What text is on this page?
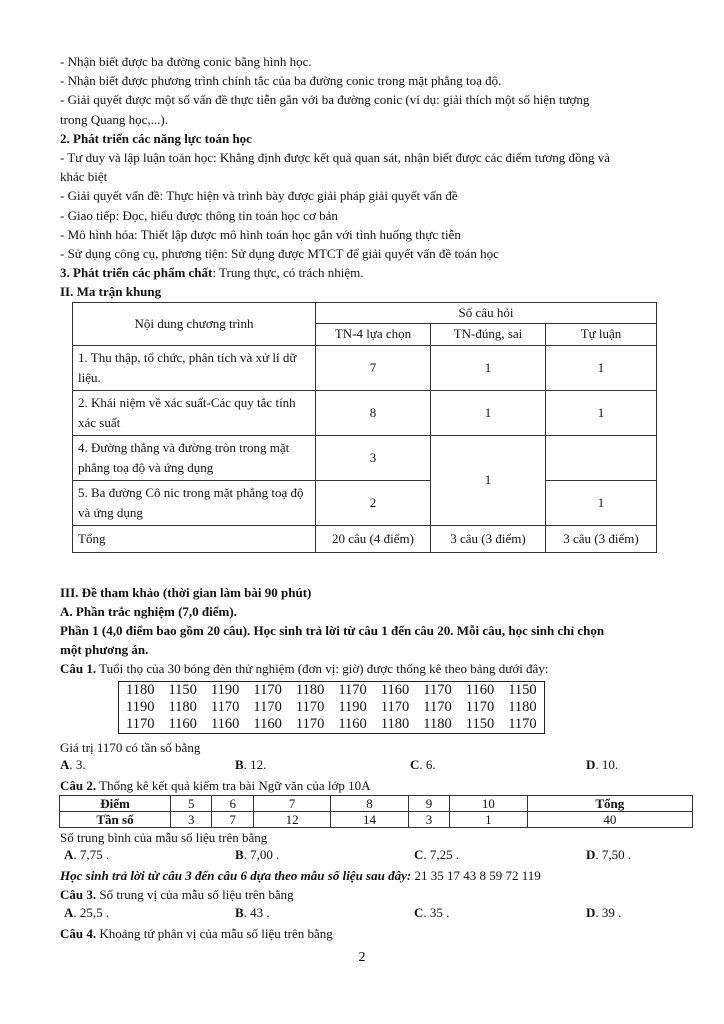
- Nhận biết được ba đường conic bằng hình học.
- Nhận biết được phương trình chính tắc của ba đường conic trong mặt phẳng toạ độ.
- Giải quyết được một số vấn đề thực tiễn gắn với ba đường conic (ví dụ: giải thích một số hiện tượng
trong Quang học,...).
2. Phát triển các năng lực toán học
- Tư duy và lập luận toán học: Khẳng định được kết quả quan sát, nhận biết được các điểm tương đồng và
khác biệt
- Giải quyết vấn đề: Thực hiện và trình bày được giải pháp giải quyết vấn đề
- Giao tiếp: Đọc, hiểu được thông tin toán học cơ bản
- Mô hình hóa: Thiết lập được mô hình toán học gắn với tình huống thực tiễn
- Sử dụng công cụ, phương tiện: Sử dụng được MTCT để giải quyết vấn đề toán học
3. Phát triển các phẩm chất: Trung thực, có trách nhiệm.
II. Ma trận khung
Nội dung chương trình	Số câu hỏi		
	TN-4 lựa chọn	TN-đúng, sai	Tự luận
1. Thu thập, tổ chức, phân tích và xử lí dữ liệu.	7	1	1
2. Khái niệm về xác suất-Các quy tắc tính xác suất	8	1	1
4. Đường thẳng và đường tròn trong mặt phẳng toạ độ và ứng dụng	3	1	
5. Ba đường Cô nic trong mặt phẳng toạ độ và ứng dụng	2		1
Tổng	20 câu (4 điểm)	3 câu (3 điểm)	3 câu (3 điểm)
III. Đề tham khảo (thời gian làm bài 90 phút)
A. Phần trắc nghiệm (7,0 điểm).
Phần 1 (4,0 điểm bao gồm 20 câu). Học sinh trả lời từ câu 1 đến câu 20. Mỗi câu, học sinh chỉ chọn
một phương án.
Câu 1. Tuổi thọ của 30 bóng đèn thử nghiệm (đơn vị: giờ) được thống kê theo bảng dưới đây:
1180	1150	1190	1170	1180	1170	1160	1170	1160	1150
1190	1180	1170	1170	1170	1190	1170	1170	1170	1180
1170	1160	1160	1160	1170	1160	1180	1180	1150	1170
Giá trị 1170 có tần số bằng
A. 3.	B. 12.	C. 6.	D. 10.
Câu 2. Thống kê kết quả kiểm tra bài Ngữ văn của lớp 10A
Điểm	5	6	7	8	9	10	Tổng
Tần số	3	7	12	14	3	1	40
Số trung bình của mẫu số liệu trên bằng
A. 7,75 .	B. 7,00 .	C. 7,25 .	D. 7,50 .
Học sinh trả lời từ câu 3 đến câu 6 dựa theo mẫu số liệu sau đây: 21 35 17 43 8 59 72 119
Câu 3. Số trung vị của mẫu số liệu trên bằng
A. 25,5 .	B. 43 .	C. 35 .	D. 39 .
Câu 4. Khoảng tứ phân vị của mẫu số liệu trên bằng
2
